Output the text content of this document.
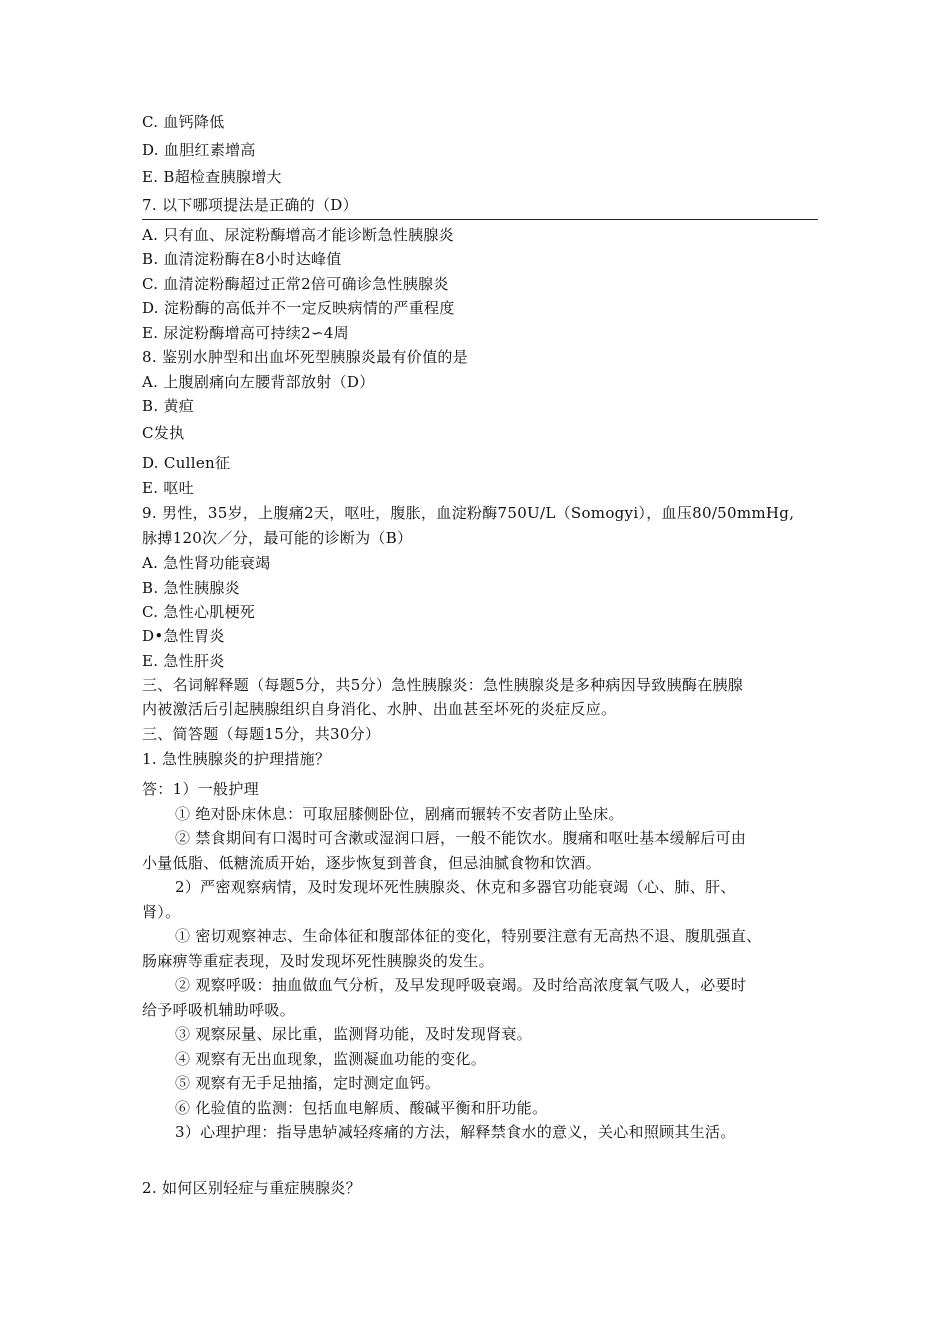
C. 血钙降低
D. 血胆红素增高
E. B超检查胰腺增大
7. 以下哪项提法是正确的（D）
A. 只有血、尿淀粉酶增高才能诊断急性胰腺炎
B. 血清淀粉酶在8小时达峰值
C. 血清淀粉酶超过正常2倍可确诊急性胰腺炎
D. 淀粉酶的高低并不一定反映病情的严重程度
E. 尿淀粉酶增高可持续2∽4周
8. 鉴别水肿型和出血坏死型胰腺炎最有价值的是
A. 上腹剧痛向左腰背部放射（D）
B. 黄疸
C发执
D. Cullen征
E. 呕吐
9. 男性，35岁，上腹痛2天，呕吐，腹胀，血淀粉酶750U/L（Somogyi），血压80/50mmHg,
脉搏120次／分，最可能的诊断为（B）
A. 急性肾功能衰竭
B. 急性胰腺炎
C. 急性心肌梗死
D•急性胃炎
E. 急性肝炎
三、名词解释题（每题5分，共5分）急性胰腺炎：急性胰腺炎是多种病因导致胰酶在胰腺
内被激活后引起胰腺组织自身消化、水肿、出血甚至坏死的炎症反应。
三、简答题（每题15分，共30分）
1. 急性胰腺炎的护理措施？
答：1）一般护理
① 绝对卧床休息：可取屈膝侧卧位，剧痛而辗转不安者防止坠床。
② 禁食期间有口渴时可含漱或湿润口唇，一般不能饮水。腹痛和呕吐基本缓解后可由
小量低脂、低糖流质开始，逐步恢复到普食，但忌油腻食物和饮酒。
2）严密观察病情，及时发现坏死性胰腺炎、休克和多器官功能衰竭（心、肺、肝、
肾）。
① 密切观察神志、生命体征和腹部体征的变化，特别要注意有无高热不退、腹肌强直、
肠麻痹等重症表现，及时发现坏死性胰腺炎的发生。
② 观察呼吸：抽血做血气分析，及早发现呼吸衰竭。及时给高浓度氧气吸人，必要时
给予呼吸机辅助呼吸。
③ 观察尿量、尿比重，监测肾功能，及时发现肾衰。
④ 观察有无出血现象，监测凝血功能的变化。
⑤ 观察有无手足抽搐，定时测定血钙。
⑥ 化验值的监测：包括血电解质、酸碱平衡和肝功能。
3）心理护理：指导患轳减轻疼痛的方法，解释禁食水的意义，关心和照顾其生活。
2. 如何区别轻症与重症胰腺炎？
